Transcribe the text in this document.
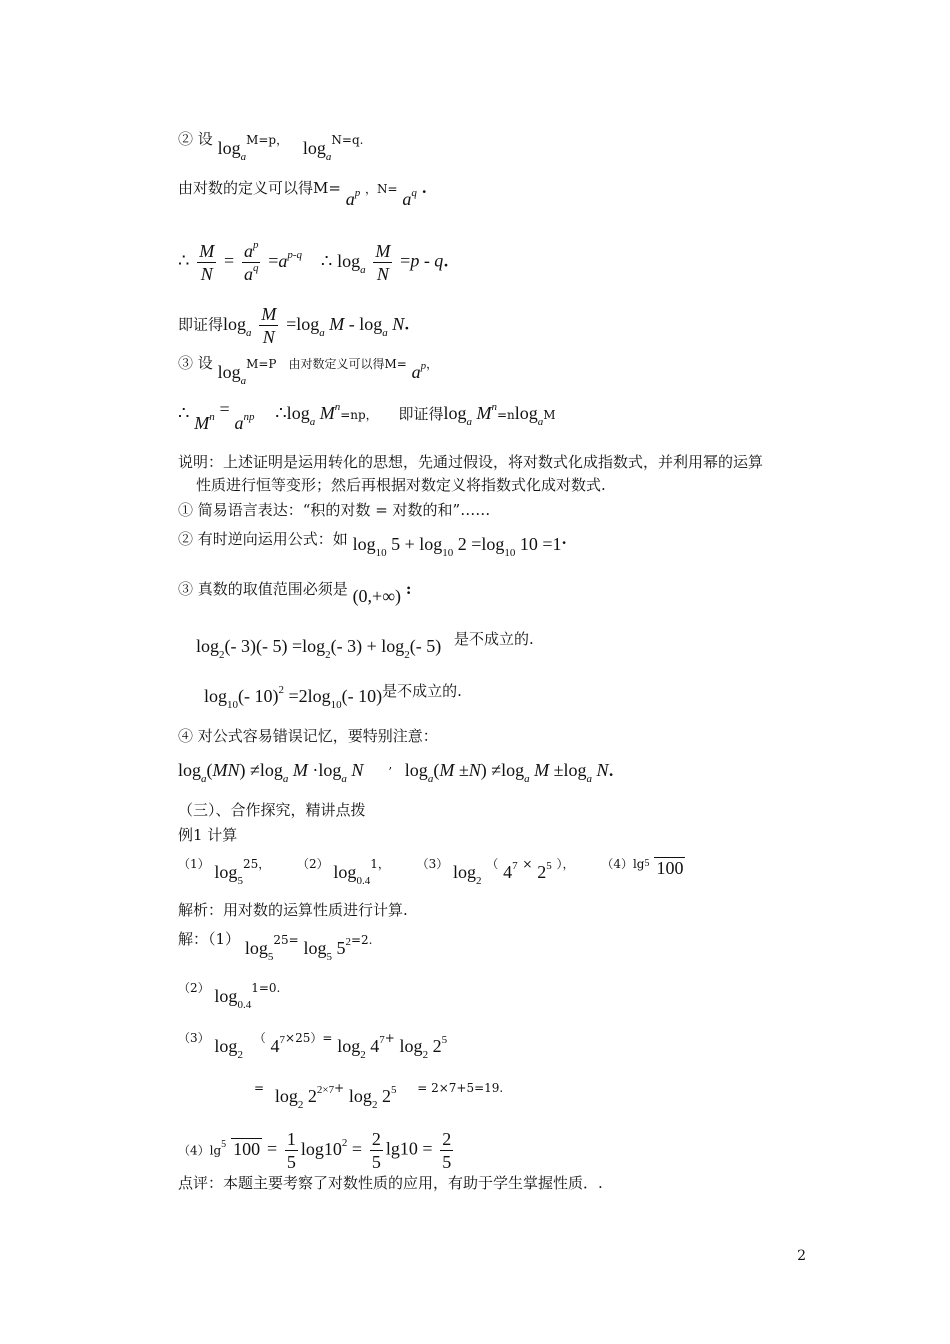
② 设 $\log_aM=p$， $\log_aN=q$.
由对数的定义可以得$M= a^p$ ，$N= a^q$ .
∴ $\frac{M}{N} = \frac{a^p}{a^q} =a^{p-q}$ ∴ $\log_a \frac{M}{N} =p - q$.
即证得$\log_a \frac{M}{N} =\log_a$ M - $\log_a N$.
③ 设 $\log_aM=P$　由对数定义可以得$M= a^p$，
∴ $M^n = a^{np}$ $\therefore\log_a$ $M^n=np$， 即证得$\log_a M^n=nlog_aM$
说明：上述证明是运用转化的思想，先通过假设，将对数式化成指数式，并利用幂的运算
性质进行恒等变形；然后再根据对数定义将指数式化成对数式.
① 简易语言表达：“积的对数 = 对数的和”……
② 有时逆向运用公式：如 $\log_{10} 5 + \log_{10} 2 =\log_{10}$ 10 =1.
③ 真数的取值范围必须是 (0,+∞) :
$\log_2(-$ 3)(- $5) =\log_2(-$ $3) + \log_2(-$ 5) 是不成立的.
$\log_{10}(-$ $10)^2 =2\log_{10}(-$ 10)是不成立的.
④ 对公式容易错误记忆，要特别注意：
$\log_a(MN) \ne\log_a$ $M \cdot\log_a$ N ’ $\log_a(M \pm N) \ne\log_a$ $M \pm\log_a$ N.
（三）、合作探究，精讲点拨
例1 计算
（1） $\log_525$， （2） $\log_{0.4}1$， （3） $\log_2$ （ $4^7 \times 2^5$ ）， （4）lg 5 100
解析：用对数的运算性质进行计算.
解：（1） $\log_525= \log_5 5^2=2$.
（2） $\log_{0.4}1=0$.
（3） $\log_2$ （ $4^7\times 25)= \log_2 4^7+ \log_2 2^5$
= $\log_2 2^{2\times 7}+ \log_2 2^5 = 2\times 7+5=19$.
（4）lg 5 $100 = \frac{1}{5} \log 10^2 = \frac{2}{5} \lg 10 = \frac{2}{5}$
点评：本题主要考察了对数性质的应用，有助于学生掌握性质．.
2
